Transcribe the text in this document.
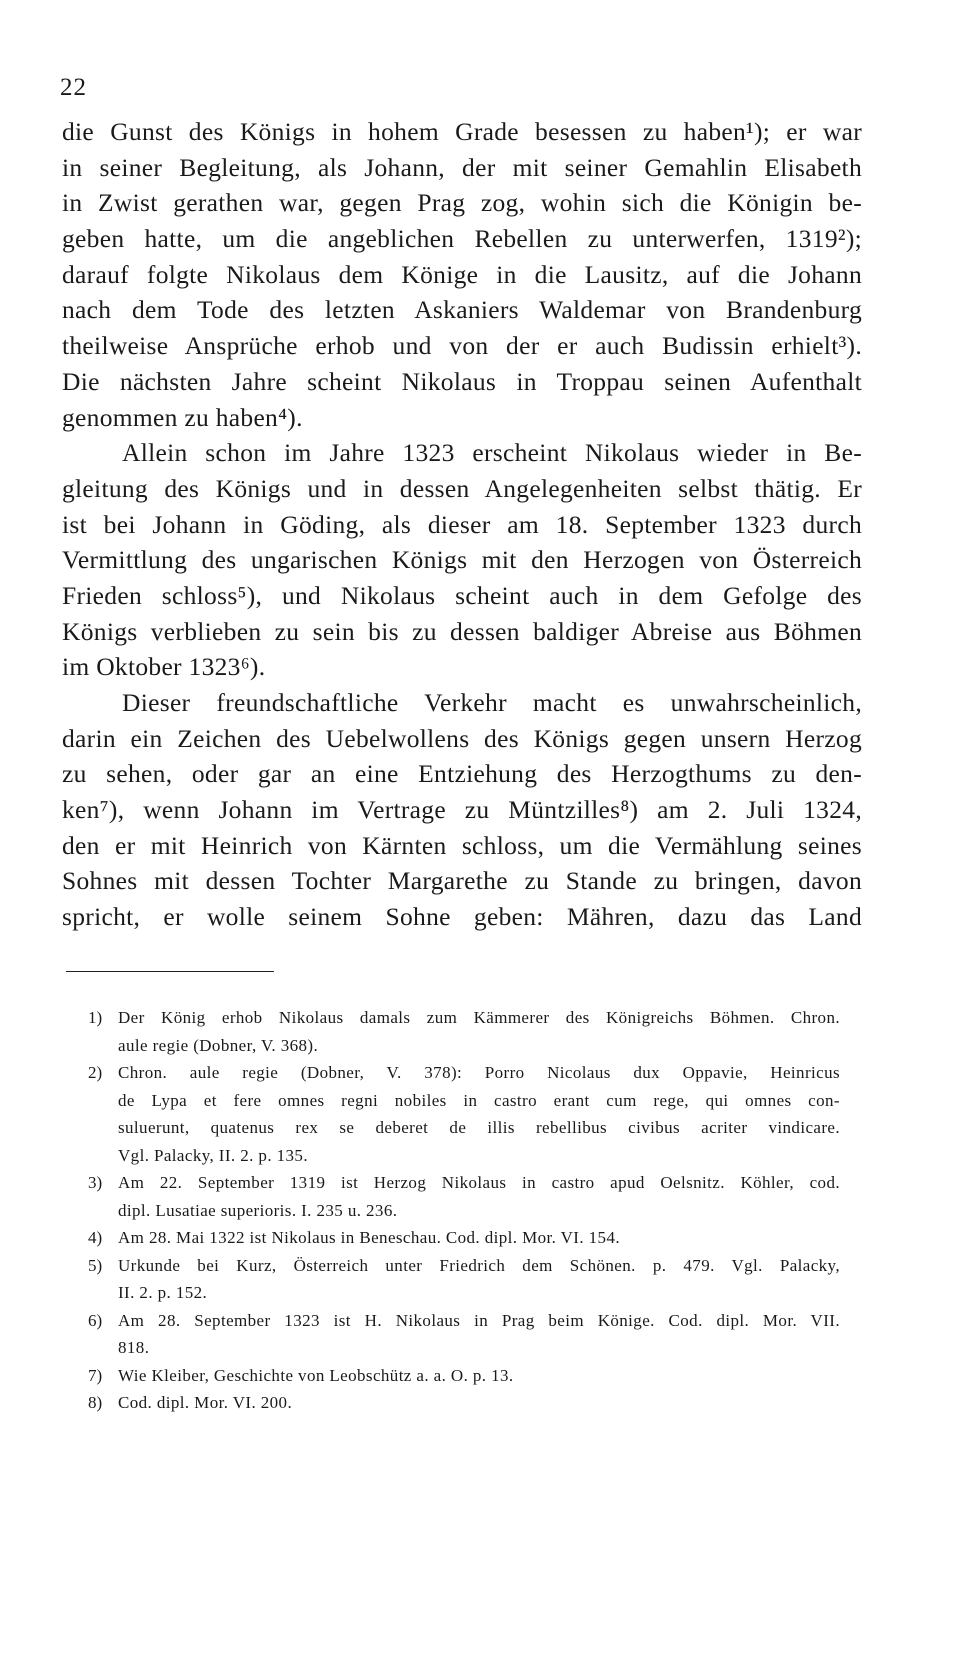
22
die Gunst des Königs in hohem Grade besessen zu haben¹); er war
in seiner Begleitung, als Johann, der mit seiner Gemahlin Elisabeth
in Zwist gerathen war, gegen Prag zog, wohin sich die Königin be-
geben hatte, um die angeblichen Rebellen zu unterwerfen, 1319²);
darauf folgte Nikolaus dem Könige in die Lausitz, auf die Johann
nach dem Tode des letzten Askaniers Waldemar von Brandenburg
theilweise Ansprüche erhob und von der er auch Budissin erhielt³).
Die nächsten Jahre scheint Nikolaus in Troppau seinen Aufenthalt
genommen zu haben⁴).
Allein schon im Jahre 1323 erscheint Nikolaus wieder in Be-
gleitung des Königs und in dessen Angelegenheiten selbst thätig. Er
ist bei Johann in Göding, als dieser am 18. September 1323 durch
Vermittlung des ungarischen Königs mit den Herzogen von Österreich
Frieden schloss⁵), und Nikolaus scheint auch in dem Gefolge des
Königs verblieben zu sein bis zu dessen baldiger Abreise aus Böhmen
im Oktober 1323⁶).
Dieser freundschaftliche Verkehr macht es unwahrscheinlich,
darin ein Zeichen des Uebelwollens des Königs gegen unsern Herzog
zu sehen, oder gar an eine Entziehung des Herzogthums zu den-
ken⁷), wenn Johann im Vertrage zu Müntzilles⁸) am 2. Juli 1324,
den er mit Heinrich von Kärnten schloss, um die Vermählung seines
Sohnes mit dessen Tochter Margarethe zu Stande zu bringen, davon
spricht, er wolle seinem Sohne geben: Mähren, dazu das Land
1) Der König erhob Nikolaus damals zum Kämmerer des Königreichs Böhmen. Chron.
aule regie (Dobner, V. 368).
2) Chron. aule regie (Dobner, V. 378): Porro Nicolaus dux Oppavie, Heinricus
de Lypa et fere omnes regni nobiles in castro erant cum rege, qui omnes con-
suluerunt, quatenus rex se deberet de illis rebellibus civibus acriter vindicare.
Vgl. Palacky, II. 2. p. 135.
3) Am 22. September 1319 ist Herzog Nikolaus in castro apud Oelsnitz. Köhler, cod.
dipl. Lusatiae superioris. I. 235 u. 236.
4) Am 28. Mai 1322 ist Nikolaus in Beneschau. Cod. dipl. Mor. VI. 154.
5) Urkunde bei Kurz, Österreich unter Friedrich dem Schönen. p. 479. Vgl. Palacky,
II. 2. p. 152.
6) Am 28. September 1323 ist H. Nikolaus in Prag beim Könige. Cod. dipl. Mor. VII.
818.
7) Wie Kleiber, Geschichte von Leobschütz a. a. O. p. 13.
8) Cod. dipl. Mor. VI. 200.
